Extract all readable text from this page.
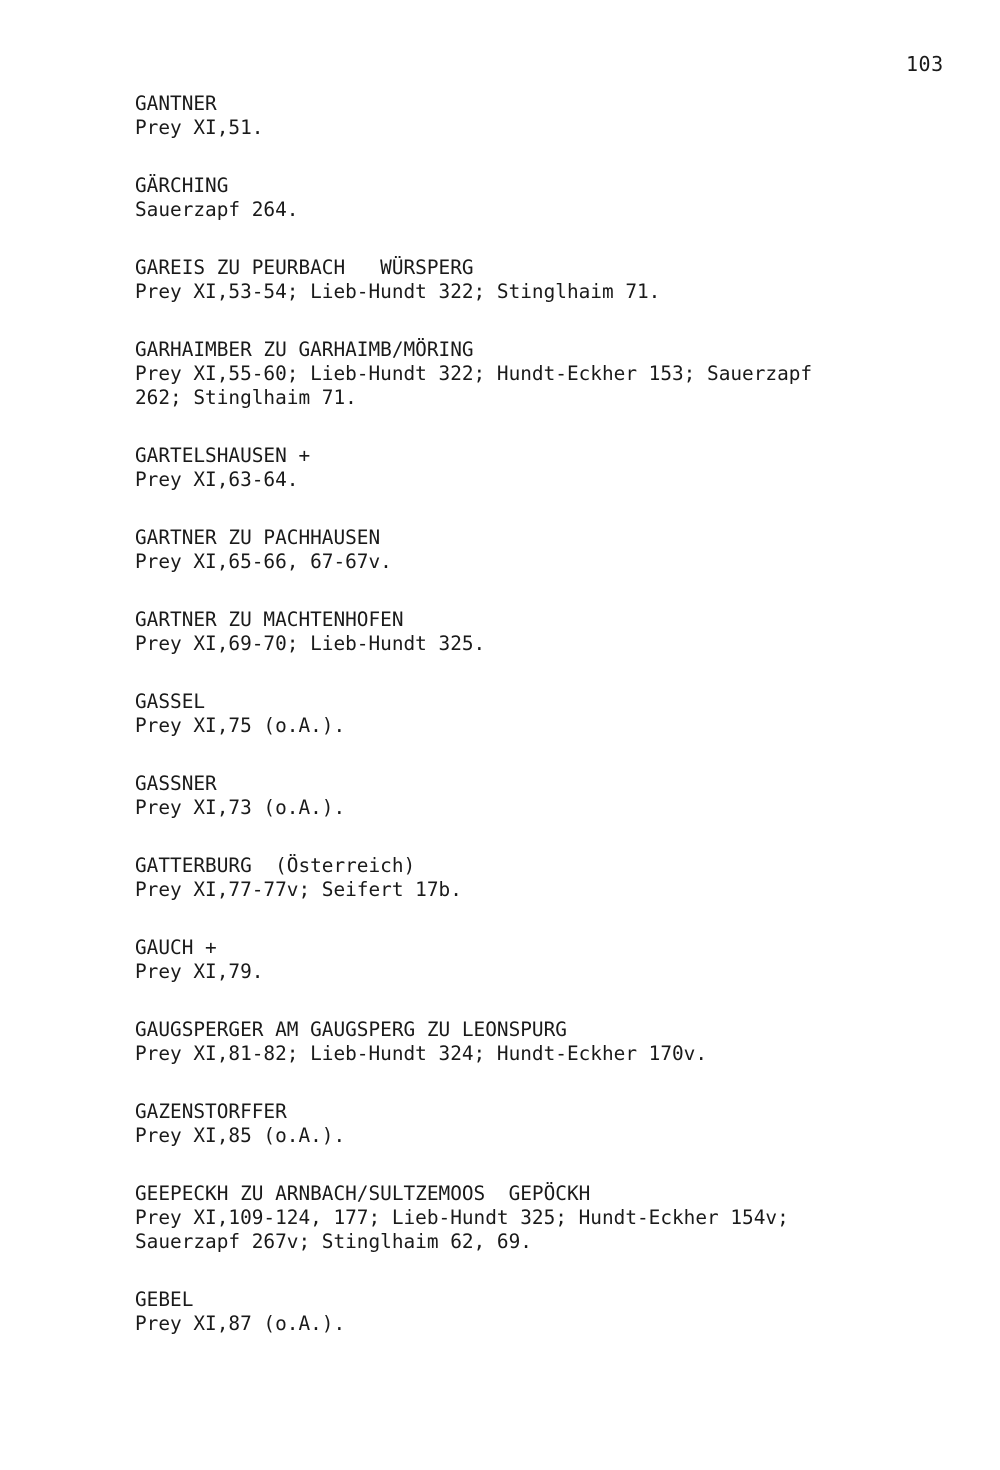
103

GANTNER

Prey XI,51.

GÄRCHING

Sauerzapf 264.

GAREIS ZU PEURBACH   WÜRSPERG

Prey XI,53-54; Lieb-Hundt 322; Stinglhaim 71.

GARHAIMBER ZU GARHAIMB/MÖRING

Prey XI,55-60; Lieb-Hundt 322; Hundt-Eckher 153; Sauerzapf

262; Stinglhaim 71.

GARTELSHAUSEN +

Prey XI,63-64.

GARTNER ZU PACHHAUSEN

Prey XI,65-66, 67-67v.

GARTNER ZU MACHTENHOFEN

Prey XI,69-70; Lieb-Hundt 325.

GASSEL

Prey XI,75 (o.A.).

GASSNER

Prey XI,73 (o.A.).

GATTERBURG  (Österreich)

Prey XI,77-77v; Seifert 17b.

GAUCH +

Prey XI,79.

GAUGSPERGER AM GAUGSPERG ZU LEONSPURG

Prey XI,81-82; Lieb-Hundt 324; Hundt-Eckher 170v.

GAZENSTORFFER

Prey XI,85 (o.A.).

GEEPECKH ZU ARNBACH/SULTZEMOOS  GEPÖCKH

Prey XI,109-124, 177; Lieb-Hundt 325; Hundt-Eckher 154v;

Sauerzapf 267v; Stinglhaim 62, 69.

GEBEL

Prey XI,87 (o.A.).
